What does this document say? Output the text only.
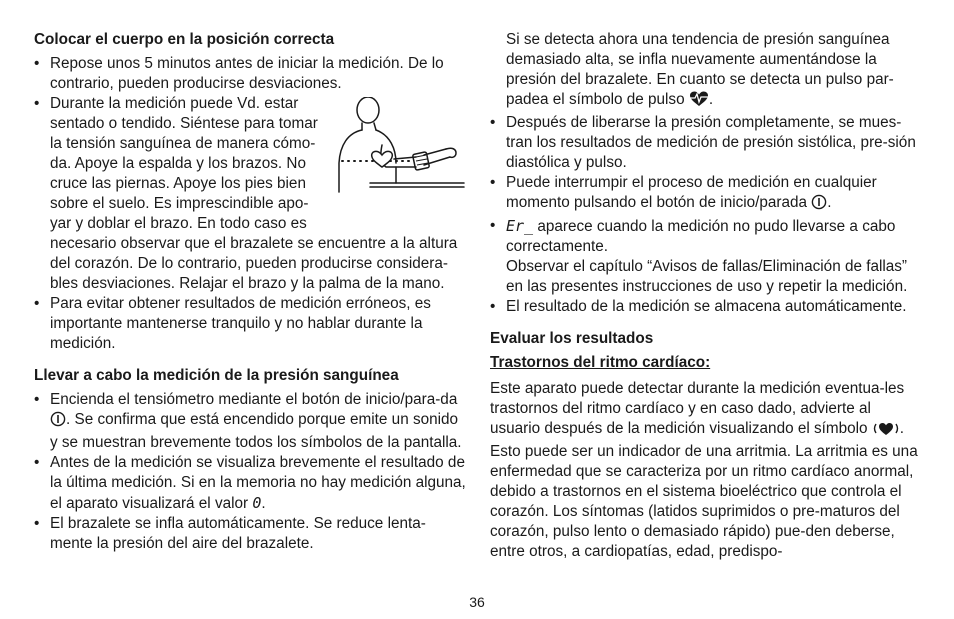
Colocar el cuerpo en la posición correcta

• Repose unos 5 minutos antes de iniciar la medición. De lo contrario, pueden producirse desviaciones.

• Durante la medición puede Vd. estar
sentado o tendido. Siéntese para tomar
la tensión sanguínea de manera cómo-
da. Apoye la espalda y los brazos. No
cruce las piernas. Apoye los pies bien
sobre el suelo. Es imprescindible apo-
yar y doblar el brazo. En todo caso es
necesario observar que el brazalete se encuentre a la altura del corazón. De lo contrario, pueden producirse considera-bles desviaciones. Relajar el brazo y la palma de la mano.

• Para evitar obtener resultados de medición erróneos, es importante mantenerse tranquilo y no hablar durante la medición.

Llevar a cabo la medición de la presión sanguínea

• Encienda el tensiómetro mediante el botón de inicio/para-da . Se confirma que está encendido porque emite un sonido y se muestran brevemente todos los símbolos de la pantalla.

• Antes de la medición se visualiza brevemente el resultado de la última medición. Si en la memoria no hay medición alguna, el aparato visualizará el valor 0.

• El brazalete se infla automáticamente. Se reduce lenta-mente la presión del aire del brazalete.

Si se detecta ahora una tendencia de presión sanguínea demasiado alta, se infla nuevamente aumentándose la presión del brazalete. En cuanto se detecta un pulso par-padea el símbolo de pulso .

• Después de liberarse la presión completamente, se mues-tran los resultados de medición de presión sistólica, pre-sión diastólica y pulso.

• Puede interrumpir el proceso de medición en cualquier momento pulsando el botón de inicio/parada .

• Er_ aparece cuando la medición no pudo llevarse a cabo correctamente.

Observar el capítulo “Avisos de fallas/Eliminación de fallas” en las presentes instrucciones de uso y repetir la medición.

• El resultado de la medición se almacena automáticamente.

Evaluar los resultados

Trastornos del ritmo cardíaco:

Este aparato puede detectar durante la medición eventua-les trastornos del ritmo cardíaco y en caso dado, advierte al usuario después de la medición visualizando el símbolo .

Esto puede ser un indicador de una arritmia. La arritmia es una enfermedad que se caracteriza por un ritmo cardíaco anormal, debido a trastornos en el sistema bioeléctrico que controla el corazón. Los síntomas (latidos suprimidos o pre-maturos del corazón, pulso lento o demasiado rápido) pue-den deberse, entre otros, a cardiopatías, edad, predispo-

36
